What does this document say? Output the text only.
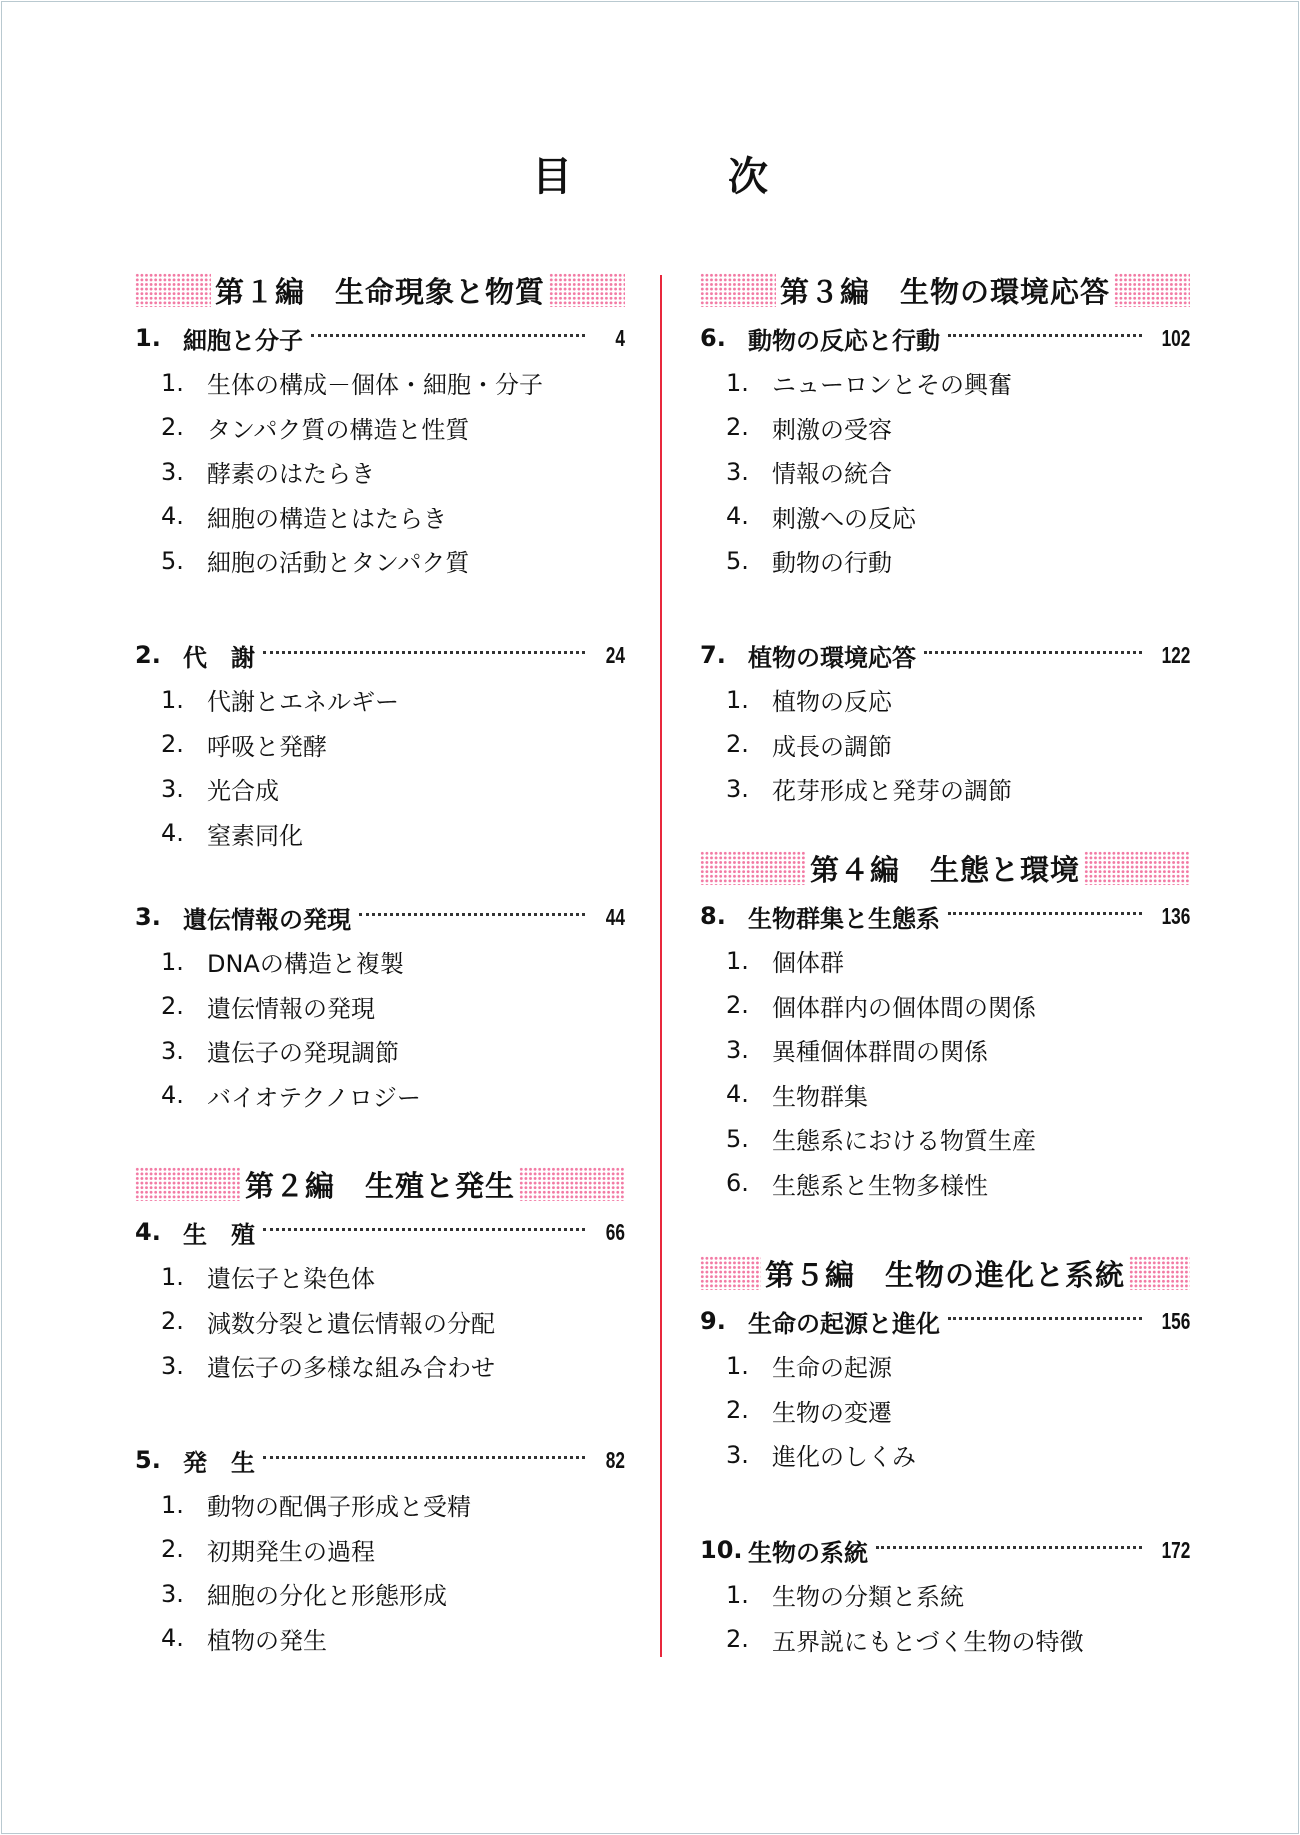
目	次
第１編　生命現象と物質
1. 細胞と分子	4
1. 生体の構成－個体・細胞・分子
2. タンパク質の構造と性質
3. 酵素のはたらき
4. 細胞の構造とはたらき
5. 細胞の活動とタンパク質
2. 代　謝	24
1. 代謝とエネルギー
2. 呼吸と発酵
3. 光合成
4. 窒素同化
3. 遺伝情報の発現	44
1. DNAの構造と複製
2. 遺伝情報の発現
3. 遺伝子の発現調節
4. バイオテクノロジー
第２編　生殖と発生
4. 生　殖	66
1. 遺伝子と染色体
2. 減数分裂と遺伝情報の分配
3. 遺伝子の多様な組み合わせ
5. 発　生	82
1. 動物の配偶子形成と受精
2. 初期発生の過程
3. 細胞の分化と形態形成
4. 植物の発生
第３編　生物の環境応答
6. 動物の反応と行動	102
1. ニューロンとその興奮
2. 刺激の受容
3. 情報の統合
4. 刺激への反応
5. 動物の行動
7. 植物の環境応答	122
1. 植物の反応
2. 成長の調節
3. 花芽形成と発芽の調節
第４編　生態と環境
8. 生物群集と生態系	136
1. 個体群
2. 個体群内の個体間の関係
3. 異種個体群間の関係
4. 生物群集
5. 生態系における物質生産
6. 生態系と生物多様性
第５編　生物の進化と系統
9. 生命の起源と進化	156
1. 生命の起源
2. 生物の変遷
3. 進化のしくみ
10. 生物の系統	172
1. 生物の分類と系統
2. 五界説にもとづく生物の特徴
